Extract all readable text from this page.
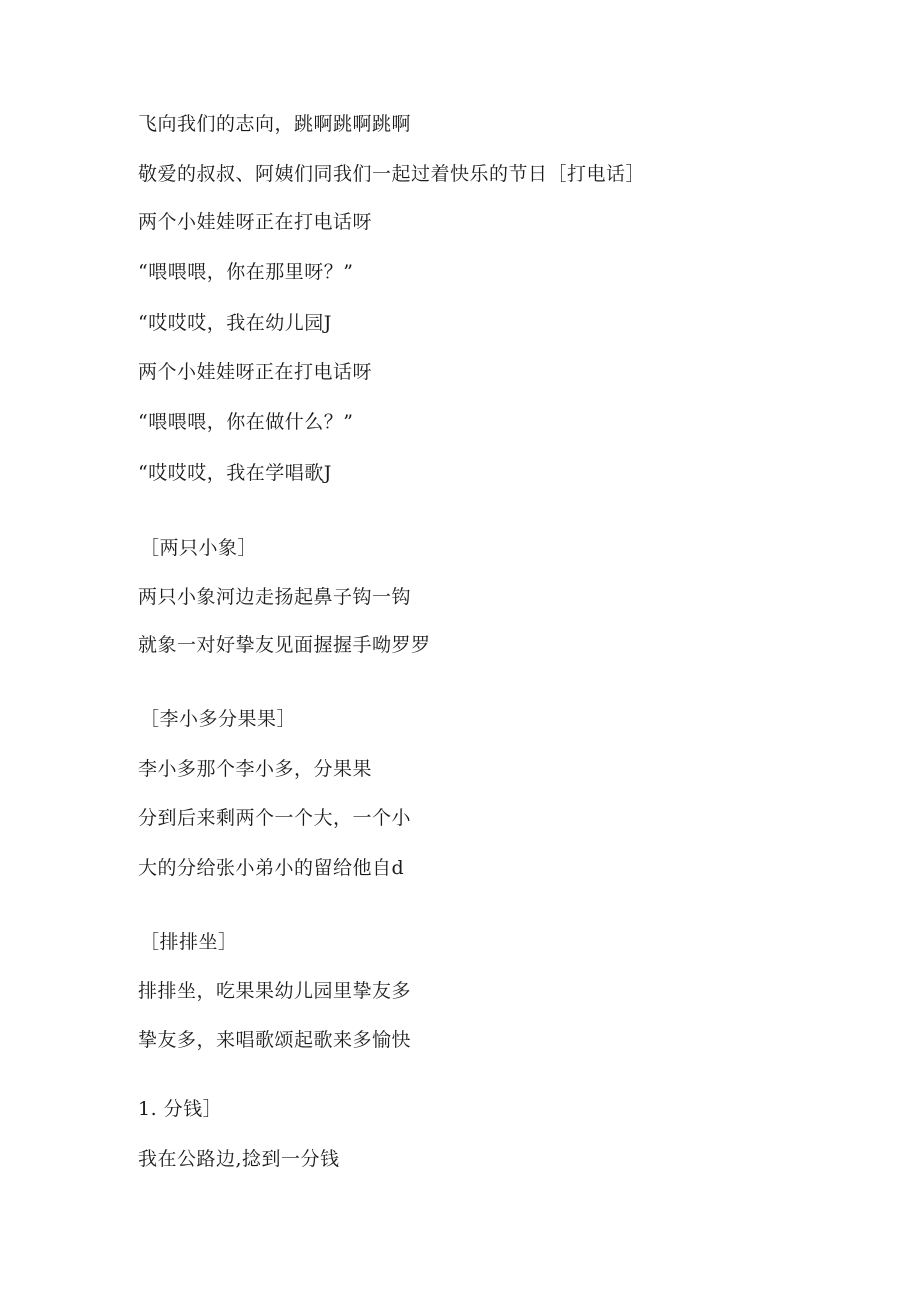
飞向我们的志向，跳啊跳啊跳啊
敬爱的叔叔、阿姨们同我们一起过着快乐的节日［打电话］
两个小娃娃呀正在打电话呀
“喂喂喂，你在那里呀？”
“哎哎哎，我在幼儿园J
两个小娃娃呀正在打电话呀
“喂喂喂，你在做什么？”
“哎哎哎，我在学唱歌J
［两只小象］
两只小象河边走扬起鼻子钩一钩
就象一对好挚友见面握握手呦罗罗
［李小多分果果］
李小多那个李小多，分果果
分到后来剩两个一个大，一个小
大的分给张小弟小的留给他自d
［排排坐］
排排坐，吃果果幼儿园里挚友多
挚友多，来唱歌颂起歌来多愉快
1. 分钱］
我在公路边,捻到一分钱
